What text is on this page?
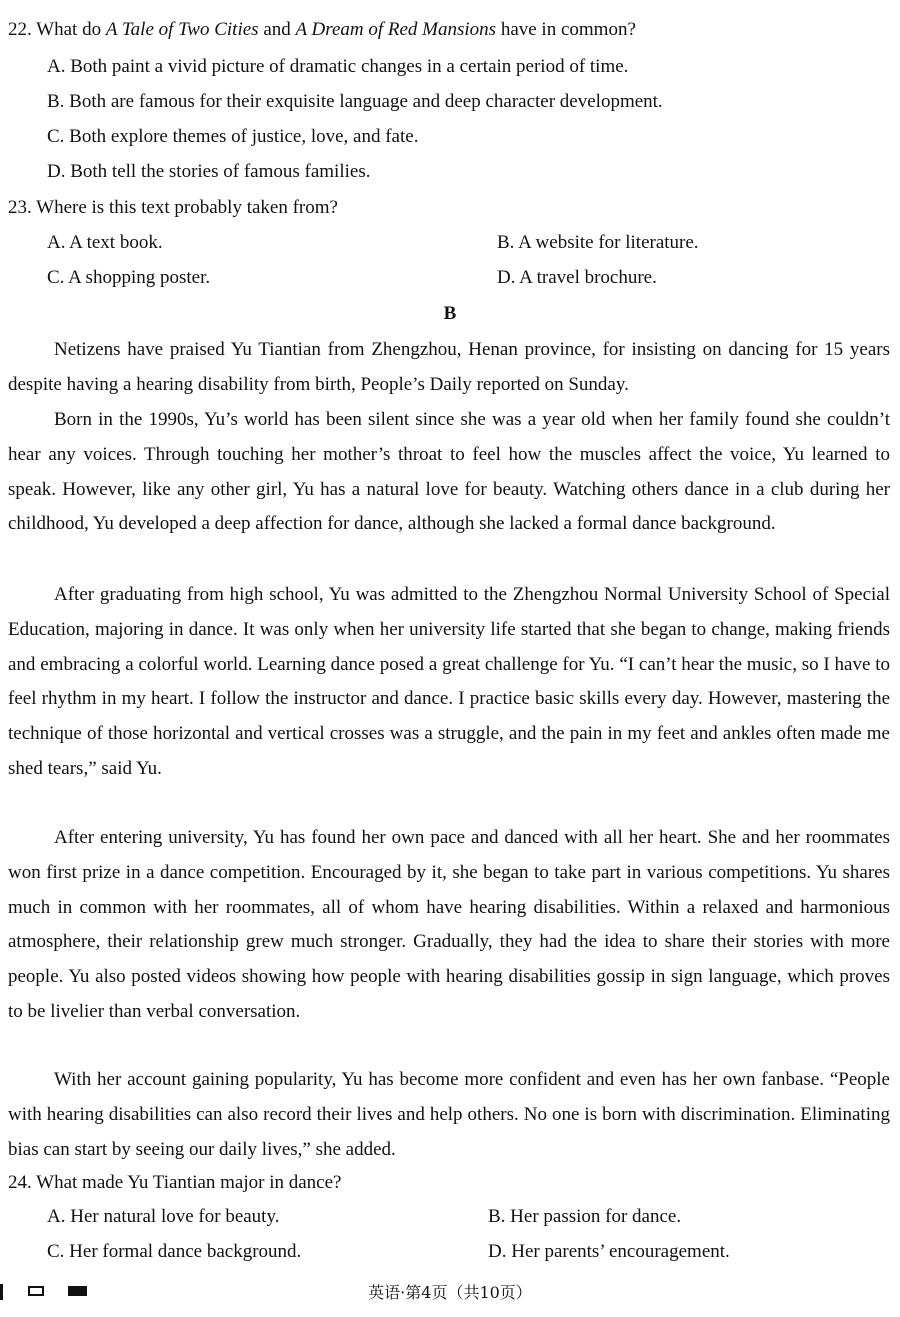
22. What do A Tale of Two Cities and A Dream of Red Mansions have in common?
A. Both paint a vivid picture of dramatic changes in a certain period of time.
B. Both are famous for their exquisite language and deep character development.
C. Both explore themes of justice, love, and fate.
D. Both tell the stories of famous families.
23. Where is this text probably taken from?
A. A text book.	B. A website for literature.
C. A shopping poster.	D. A travel brochure.
B

Netizens have praised Yu Tiantian from Zhengzhou, Henan province, for insisting on dancing for 15 years despite having a hearing disability from birth, People’s Daily reported on Sunday.

Born in the 1990s, Yu’s world has been silent since she was a year old when her family found she couldn’t hear any voices. Through touching her mother’s throat to feel how the muscles affect the voice, Yu learned to speak. However, like any other girl, Yu has a natural love for beauty. Watching others dance in a club during her childhood, Yu developed a deep affection for dance, although she lacked a formal dance background.

After graduating from high school, Yu was admitted to the Zhengzhou Normal University School of Special Education, majoring in dance. It was only when her university life started that she began to change, making friends and embracing a colorful world. Learning dance posed a great challenge for Yu. “I can’t hear the music, so I have to feel rhythm in my heart. I follow the instructor and dance. I practice basic skills every day. However, mastering the technique of those horizontal and vertical crosses was a struggle, and the pain in my feet and ankles often made me shed tears,” said Yu.

After entering university, Yu has found her own pace and danced with all her heart. She and her roommates won first prize in a dance competition. Encouraged by it, she began to take part in various competitions. Yu shares much in common with her roommates, all of whom have hearing disabilities. Within a relaxed and harmonious atmosphere, their relationship grew much stronger. Gradually, they had the idea to share their stories with more people. Yu also posted videos showing how people with hearing disabilities gossip in sign language, which proves to be livelier than verbal conversation.

With her account gaining popularity, Yu has become more confident and even has her own fanbase. “People with hearing disabilities can also record their lives and help others. No one is born with discrimination. Eliminating bias can start by seeing our daily lives,” she added.

24. What made Yu Tiantian major in dance?
A. Her natural love for beauty.	B. Her passion for dance.
C. Her formal dance background.	D. Her parents’ encouragement.
英语·第4页（共10页）
